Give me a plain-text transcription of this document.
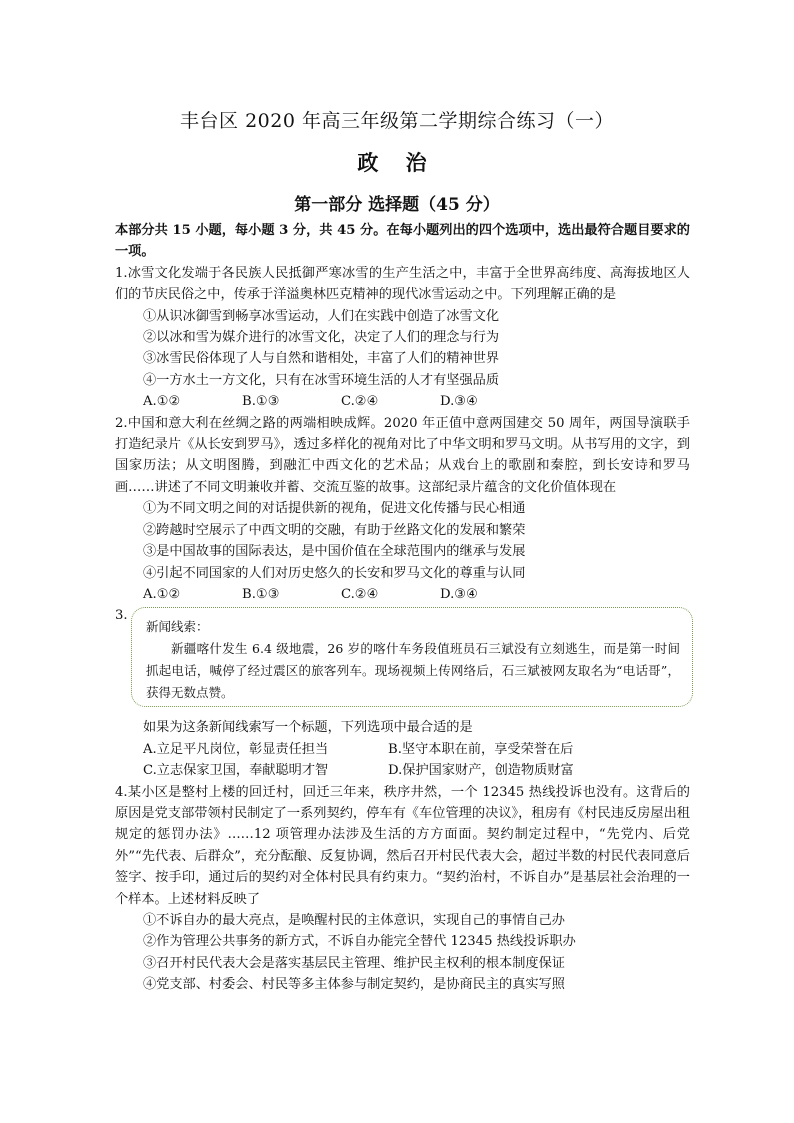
丰台区 2020 年高三年级第二学期综合练习（一）
政 治
第一部分 选择题（45 分）

本部分共 15 小题，每小题 3 分，共 45 分。在每小题列出的四个选项中，选出最符合题目要求的一项。

1.冰雪文化发端于各民族人民抵御严寒冰雪的生产生活之中，丰富于全世界高纬度、高海拔地区人们的节庆民俗之中，传承于洋溢奥林匹克精神的现代冰雪运动之中。下列理解正确的是

①从识冰御雪到畅享冰雪运动，人们在实践中创造了冰雪文化

②以冰和雪为媒介进行的冰雪文化，决定了人们的理念与行为

③冰雪民俗体现了人与自然和谐相处，丰富了人们的精神世界

④一方水土一方文化，只有在冰雪环境生活的人才有坚强品质

A.①②	B.①③	C.②④	D.③④

2.中国和意大利在丝绸之路的两端相映成辉。2020 年正值中意两国建交 50 周年，两国导演联手打造纪录片《从长安到罗马》，透过多样化的视角对比了中华文明和罗马文明。从书写用的文字，到国家历法；从文明图腾，到融汇中西文化的艺术品；从戏台上的歌剧和秦腔，到长安诗和罗马画……讲述了不同文明兼收并蓄、交流互鉴的故事。这部纪录片蕴含的文化价值体现在

①为不同文明之间的对话提供新的视角，促进文化传播与民心相通

②跨越时空展示了中西文明的交融，有助于丝路文化的发展和繁荣

③是中国故事的国际表达，是中国价值在全球范围内的继承与发展

④引起不同国家的人们对历史悠久的长安和罗马文化的尊重与认同

A.①②	B.①③	C.②④	D.③④

3.

新闻线索：

新疆喀什发生 6.4 级地震，26 岁的喀什车务段值班员石三斌没有立刻逃生，而是第一时间抓起电话，喊停了经过震区的旅客列车。现场视频上传网络后，石三斌被网友取名为“电话哥”，获得无数点赞。

如果为这条新闻线索写一个标题，下列选项中最合适的是

A.立足平凡岗位，彰显责任担当	B.坚守本职在前，享受荣誉在后
C.立志保家卫国，奉献聪明才智	D.保护国家财产，创造物质财富

4.某小区是整村上楼的回迁村，回迁三年来，秩序井然，一个 12345 热线投诉也没有。这背后的原因是党支部带领村民制定了一系列契约，停车有《车位管理的决议》，租房有《村民违反房屋出租规定的惩罚办法》……12 项管理办法涉及生活的方方面面。契约制定过程中，“先党内、后党外”“先代表、后群众”，充分酝酿、反复协调，然后召开村民代表大会，超过半数的村民代表同意后签字、按手印，通过后的契约对全体村民具有约束力。“契约治村，不诉自办”是基层社会治理的一个样本。上述材料反映了

①不诉自办的最大亮点，是唤醒村民的主体意识，实现自己的事情自己办

②作为管理公共事务的新方式，不诉自办能完全替代 12345 热线投诉职办

③召开村民代表大会是落实基层民主管理、维护民主权利的根本制度保证

④党支部、村委会、村民等多主体参与制定契约，是协商民主的真实写照
